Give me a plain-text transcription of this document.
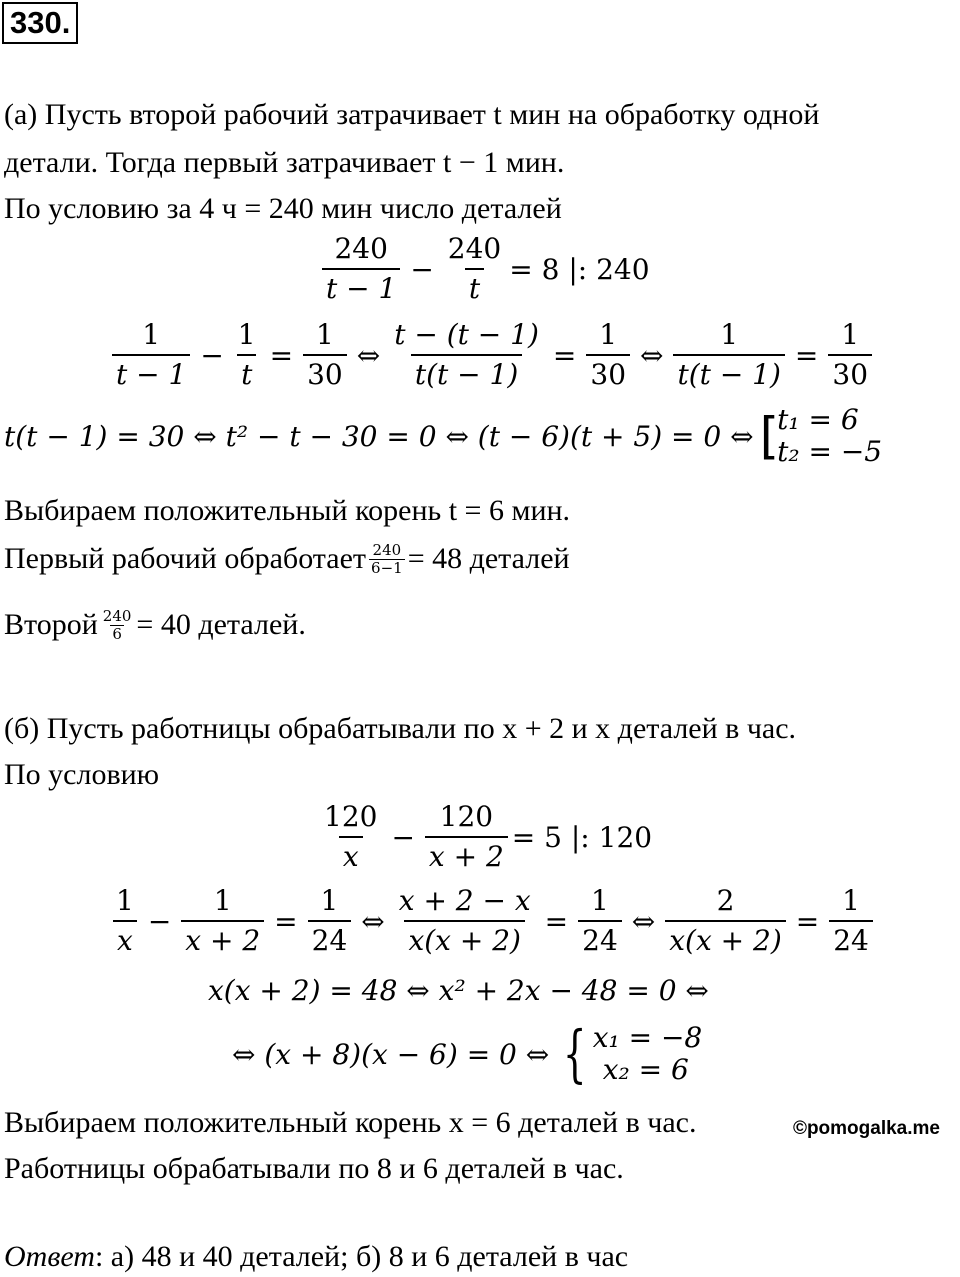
330.
(а) Пусть второй рабочий затрачивает t мин на обработку одной
детали. Тогда первый затрачивает t − 1 мин.
По условию за 4 ч = 240 мин число деталей
$\frac{240}{t - 1} - \frac{240}{t} = 8$ |: 240
$\frac{1}{t - 1} - \frac{1}{t} = \frac{1}{30}$ ⇔ $\frac{t - (t - 1)}{t(t - 1)} = \frac{1}{30}$ ⇔ $\frac{1}{t(t - 1)} = \frac{1}{30}$
t(t − 1) = 30 ⇔ t² − t − 30 = 0 ⇔ (t − 6)(t + 5) = 0 ⇔ [
t₁ = 6
t₂ = −5
Выбираем положительный корень t = 6 мин.
Первый рабочий обработает $\frac{240}{6-1} = 48$ деталей
Второй $\frac{240}{6} = 40$ деталей.
(б) Пусть работницы обрабатывали по x + 2 и x деталей в час.
По условию
$\frac{120}{x} - \frac{120}{x + 2} = 5$ |: 120
$\frac{1}{x} - \frac{1}{x + 2} = \frac{1}{24}$ ⇔ $\frac{x + 2 - x}{x(x + 2)} = \frac{1}{24}$ ⇔ $\frac{2}{x(x + 2)} = \frac{1}{24}$
x(x + 2) = 48 ⇔ x² + 2x − 48 = 0 ⇔
⇔ (x + 8)(x − 6) = 0 ⇔ { x₁ = −8
x₂ = 6
Выбираем положительный корень x = 6 деталей в час.	©pomogalka.me
Работницы обрабатывали по 8 и 6 деталей в час.
Ответ: а) 48 и 40 деталей; б) 8 и 6 деталей в час
